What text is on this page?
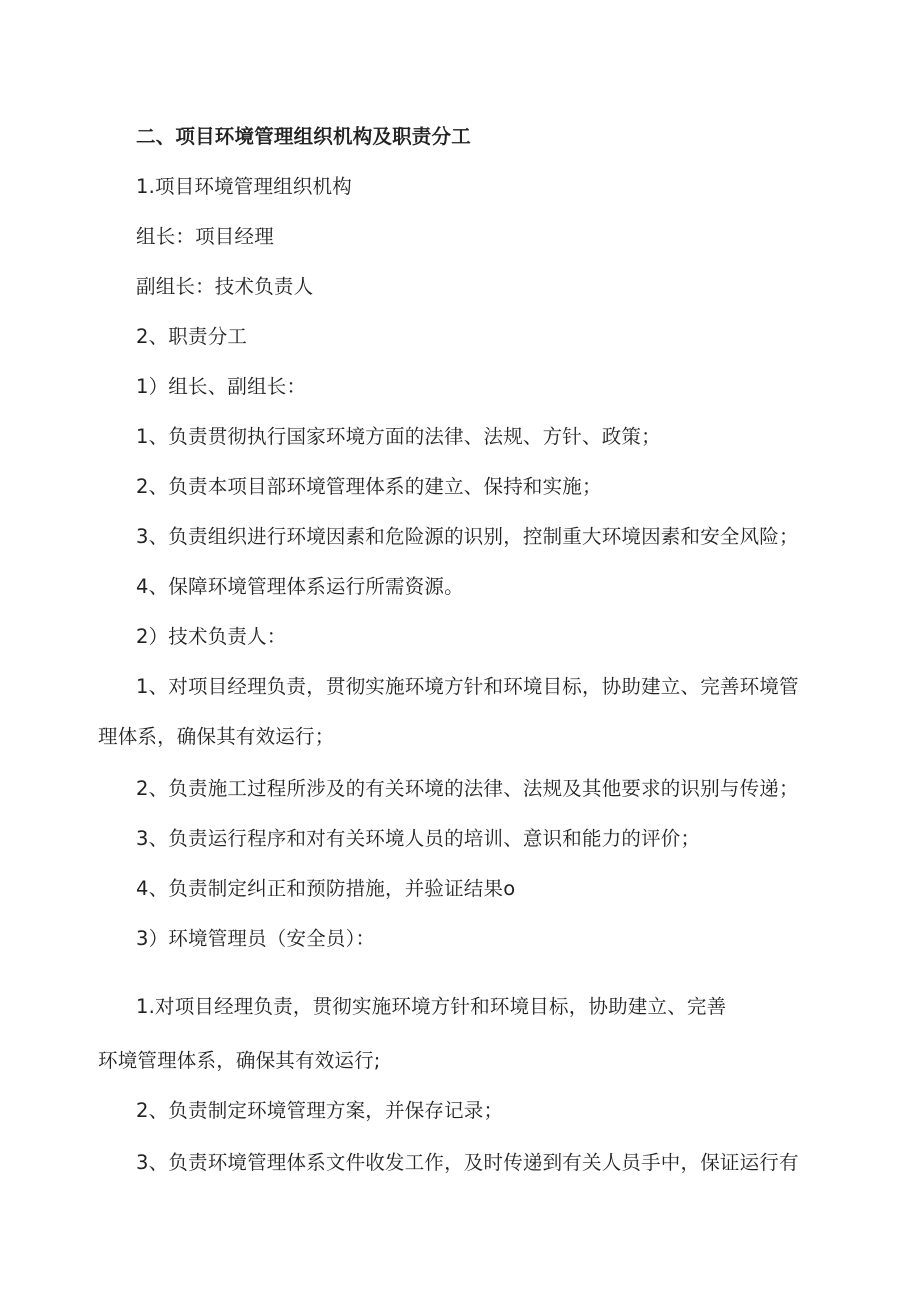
二、项目环境管理组织机构及职责分工
1.项目环境管理组织机构
组长：项目经理
副组长：技术负责人
2、职责分工
1）组长、副组长：
1、负责贯彻执行国家环境方面的法律、法规、方针、政策；
2、负责本项目部环境管理体系的建立、保持和实施；
3、负责组织进行环境因素和危险源的识别，控制重大环境因素和安全风险；
4、保障环境管理体系运行所需资源。
2）技术负责人：
1、对项目经理负责，贯彻实施环境方针和环境目标，协助建立、完善环境管
理体系，确保其有效运行；
2、负责施工过程所涉及的有关环境的法律、法规及其他要求的识别与传递；
3、负责运行程序和对有关环境人员的培训、意识和能力的评价；
4、负责制定纠正和预防措施，并验证结果o
3）环境管理员（安全员）：
1.对项目经理负责，贯彻实施环境方针和环境目标，协助建立、完善
环境管理体系，确保其有效运行;
2、负责制定环境管理方案，并保存记录；
3、负责环境管理体系文件收发工作，及时传递到有关人员手中，保证运行有
